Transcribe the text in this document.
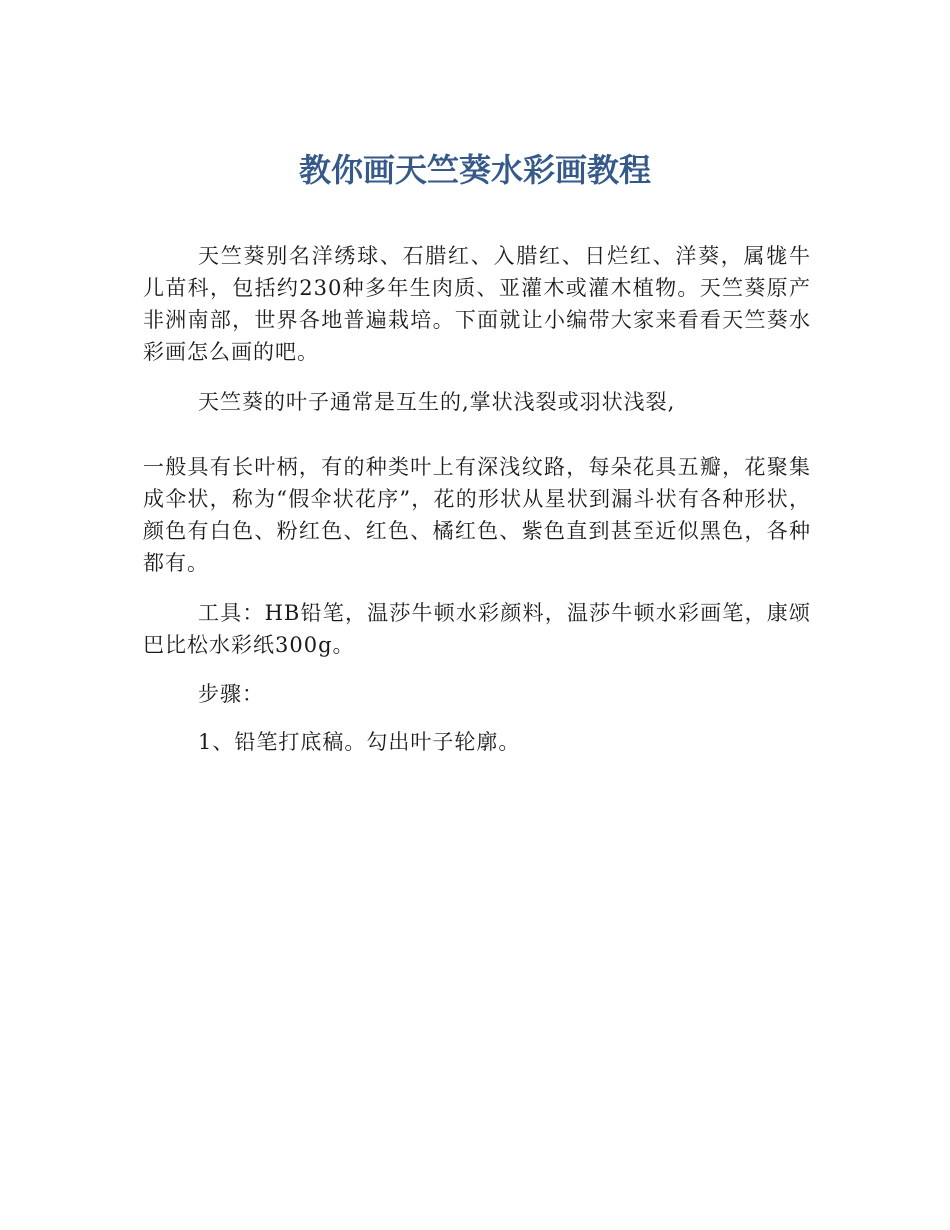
教你画天竺葵水彩画教程

天竺葵别名洋绣球、石腊红、入腊红、日烂红、洋葵，属牻牛儿苗科，包括约230种多年生肉质、亚灌木或灌木植物。天竺葵原产非洲南部，世界各地普遍栽培。下面就让小编带大家来看看天竺葵水彩画怎么画的吧。

天竺葵的叶子通常是互生的,掌状浅裂或羽状浅裂,

一般具有长叶柄，有的种类叶上有深浅纹路，每朵花具五瓣，花聚集成伞状，称为“假伞状花序”，花的形状从星状到漏斗状有各种形状，颜色有白色、粉红色、红色、橘红色、紫色直到甚至近似黑色，各种都有。

工具：HB铅笔，温莎牛顿水彩颜料，温莎牛顿水彩画笔，康颂巴比松水彩纸300g。

步骤：

1、铅笔打底稿。勾出叶子轮廓。
